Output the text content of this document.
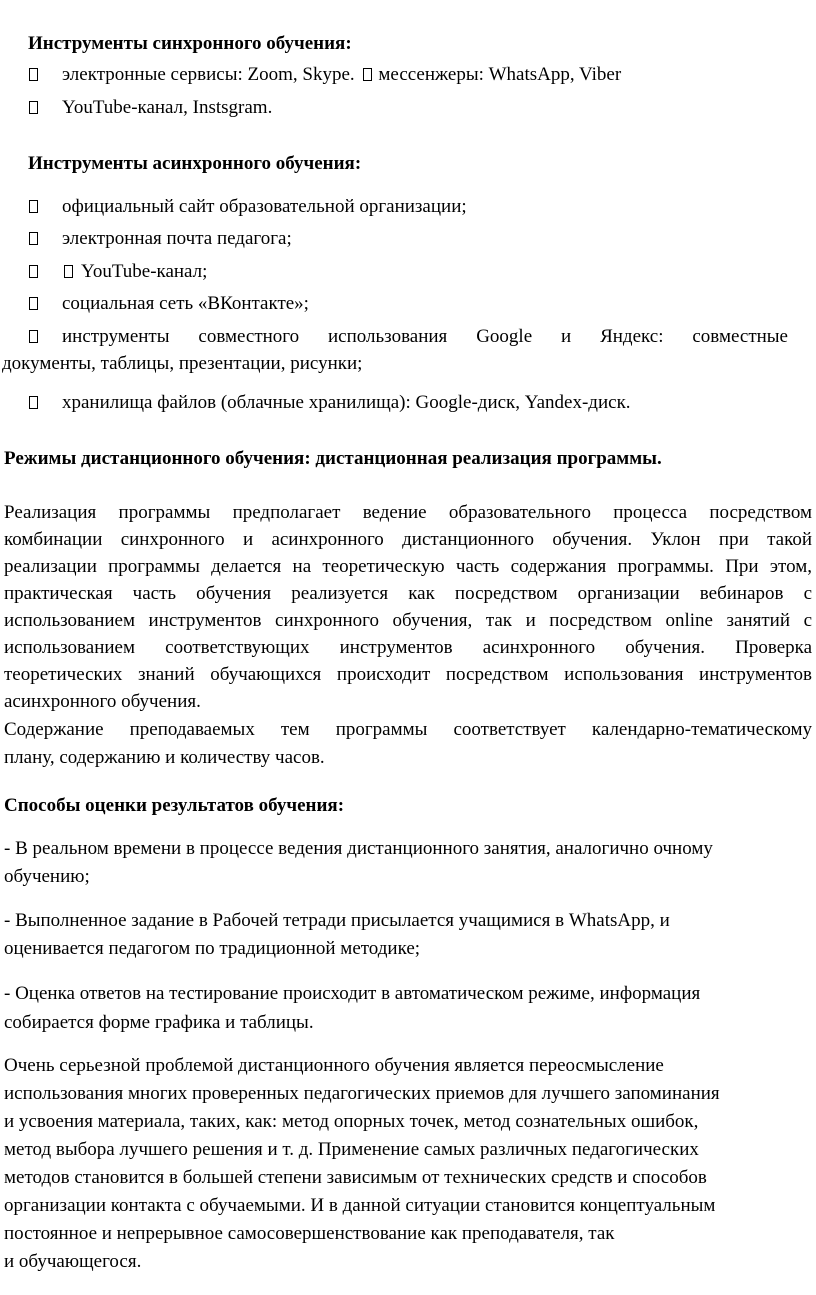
Инструменты синхронного обучения:
электронные сервисы: Zoom, Skype. мессенжеры: WhatsApp, Viber
YouTube-канал, Instsgram.
Инструменты асинхронного обучения:
официальный сайт образовательной организации;
электронная почта педагога;
YouTube-канал;
социальная сеть «ВКонтакте»;
инструменты совместного использования Google и Яндекс: совместные
документы, таблицы, презентации, рисунки;
хранилища файлов (облачные хранилища): Google-диск, Yandex-диск.
Режимы дистанционного обучения: дистанционная реализация программы.
Реализация программы предполагает ведение образовательного процесса посредством
комбинации синхронного и асинхронного дистанционного обучения. Уклон при такой
реализации программы делается на теоретическую часть содержания программы. При этом,
практическая часть обучения реализуется как посредством организации вебинаров с
использованием инструментов синхронного обучения, так и посредством online занятий с
использованием соответствующих инструментов асинхронного обучения. Проверка
теоретических знаний обучающихся происходит посредством использования инструментов
асинхронного обучения.
Содержание преподаваемых тем программы соответствует календарно-тематическому
плану, содержанию и количеству часов.
Способы оценки результатов обучения:
- В реальном времени в процессе ведения дистанционного занятия, аналогично очному
обучению;
- Выполненное задание в Рабочей тетради присылается учащимися в WhatsApp, и
оценивается педагогом по традиционной методике;
- Оценка ответов на тестирование происходит в автоматическом режиме, информация
собирается форме графика и таблицы.
Очень серьезной проблемой дистанционного обучения является переосмысление
использования многих проверенных педагогических приемов для лучшего запоминания
и усвоения материала, таких, как: метод опорных точек, метод сознательных ошибок,
метод выбора лучшего решения и т. д. Применение самых различных педагогических
методов становится в большей степени зависимым от технических средств и способов
организации контакта с обучаемыми. И в данной ситуации становится концептуальным
постоянное и непрерывное самосовершенствование как преподавателя, так
и обучающегося.
